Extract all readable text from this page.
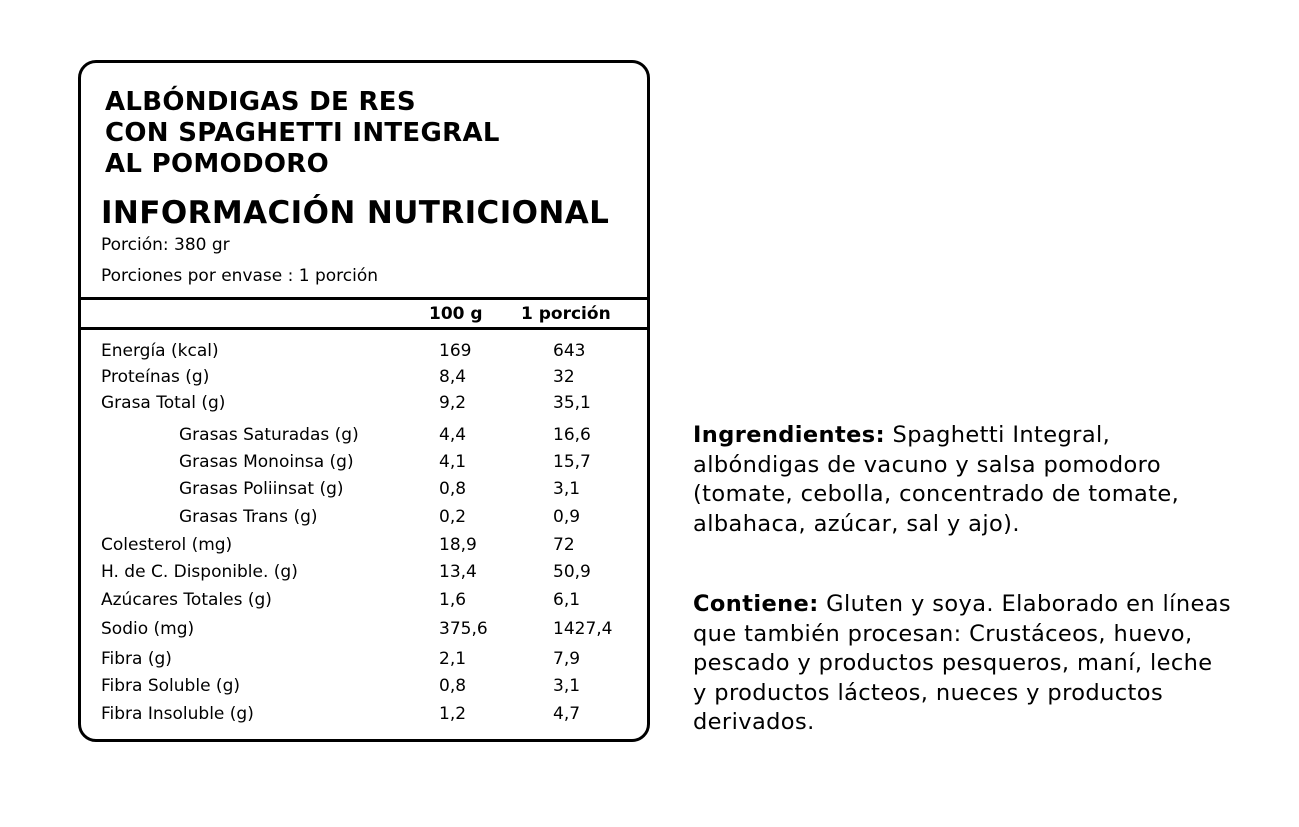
ALBÓNDIGAS DE RES
CON SPAGHETTI INTEGRAL
AL POMODORO
INFORMACIÓN NUTRICIONAL
Porción: 380 gr
Porciones por envase : 1 porción
100 g 1 porción
Energía (kcal)	169	643
Proteínas (g)	8,4	32
Grasa Total (g)	9,2	35,1
Grasas Saturadas (g)	4,4	16,6
Grasas Monoinsa (g)	4,1	15,7
Grasas Poliinsat (g)	0,8	3,1
Grasas Trans (g)	0,2	0,9
Colesterol (mg)	18,9	72
H. de C. Disponible. (g)	13,4	50,9
Azúcares Totales (g)	1,6	6,1
Sodio (mg)	375,6	1427,4
Fibra (g)	2,1	7,9
Fibra Soluble (g)	0,8	3,1
Fibra Insoluble (g)	1,2	4,7

Ingrendientes: Spaghetti Integral, albóndigas de vacuno y salsa pomodoro (tomate, cebolla, concentrado de tomate, albahaca, azúcar, sal y ajo).

Contiene: Gluten y soya. Elaborado en líneas que también procesan: Crustáceos, huevo, pescado y productos pesqueros, maní, leche y productos lácteos, nueces y productos derivados.
